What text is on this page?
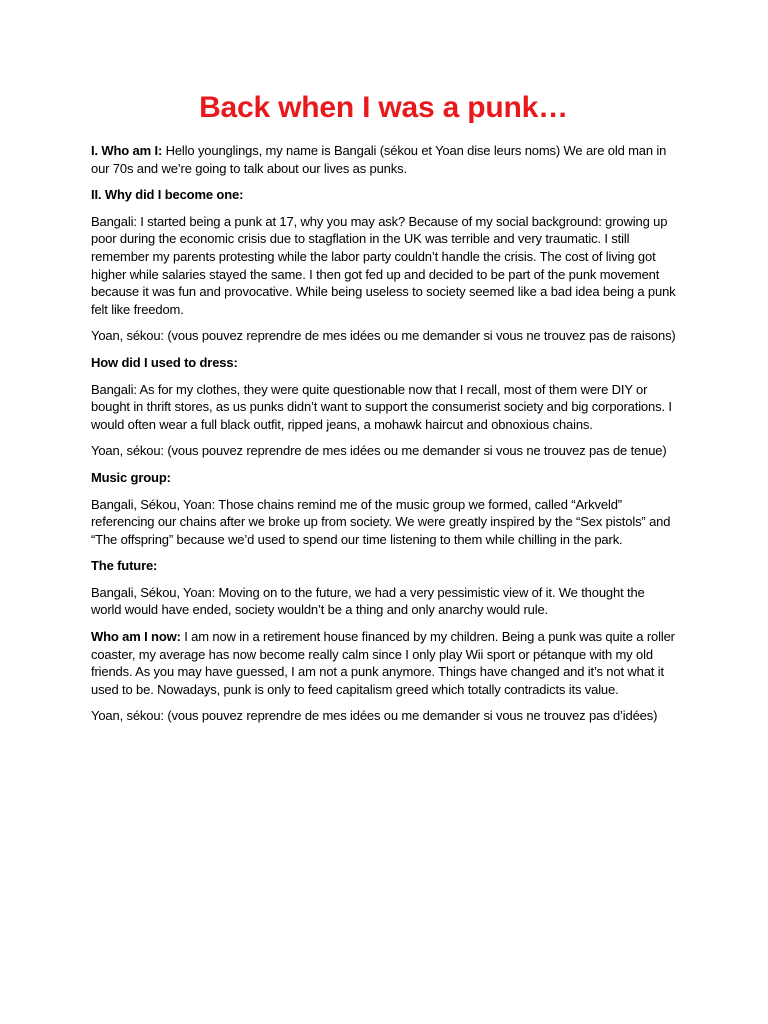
Back when I was a punk…

I. Who am I: Hello younglings, my name is Bangali (sékou et Yoan dise leurs noms) We are old man in our 70s and we’re going to talk about our lives as punks.

II. Why did I become one:

Bangali: I started being a punk at 17, why you may ask? Because of my social background: growing up poor during the economic crisis due to stagflation in the UK was terrible and very traumatic. I still remember my parents protesting while the labor party couldn’t handle the crisis. The cost of living got higher while salaries stayed the same. I then got fed up and decided to be part of the punk movement because it was fun and provocative. While being useless to society seemed like a bad idea being a punk felt like freedom.

Yoan, sékou: (vous pouvez reprendre de mes idées ou me demander si vous ne trouvez pas de raisons)

How did I used to dress:

Bangali: As for my clothes, they were quite questionable now that I recall, most of them were DIY or bought in thrift stores, as us punks didn’t want to support the consumerist society and big corporations. I would often wear a full black outfit, ripped jeans, a mohawk haircut and obnoxious chains.

Yoan, sékou: (vous pouvez reprendre de mes idées ou me demander si vous ne trouvez pas de tenue)

Music group:

Bangali, Sékou, Yoan: Those chains remind me of the music group we formed, called “Arkveld” referencing our chains after we broke up from society. We were greatly inspired by the “Sex pistols” and “The offspring” because we’d used to spend our time listening to them while chilling in the park.

The future:

Bangali, Sékou, Yoan: Moving on to the future, we had a very pessimistic view of it. We thought the world would have ended, society wouldn’t be a thing and only anarchy would rule.

Who am I now: I am now in a retirement house financed by my children. Being a punk was quite a roller coaster, my average has now become really calm since I only play Wii sport or pétanque with my old friends. As you may have guessed, I am not a punk anymore. Things have changed and it’s not what it used to be. Nowadays, punk is only to feed capitalism greed which totally contradicts its value.

Yoan, sékou: (vous pouvez reprendre de mes idées ou me demander si vous ne trouvez pas d’idées)
